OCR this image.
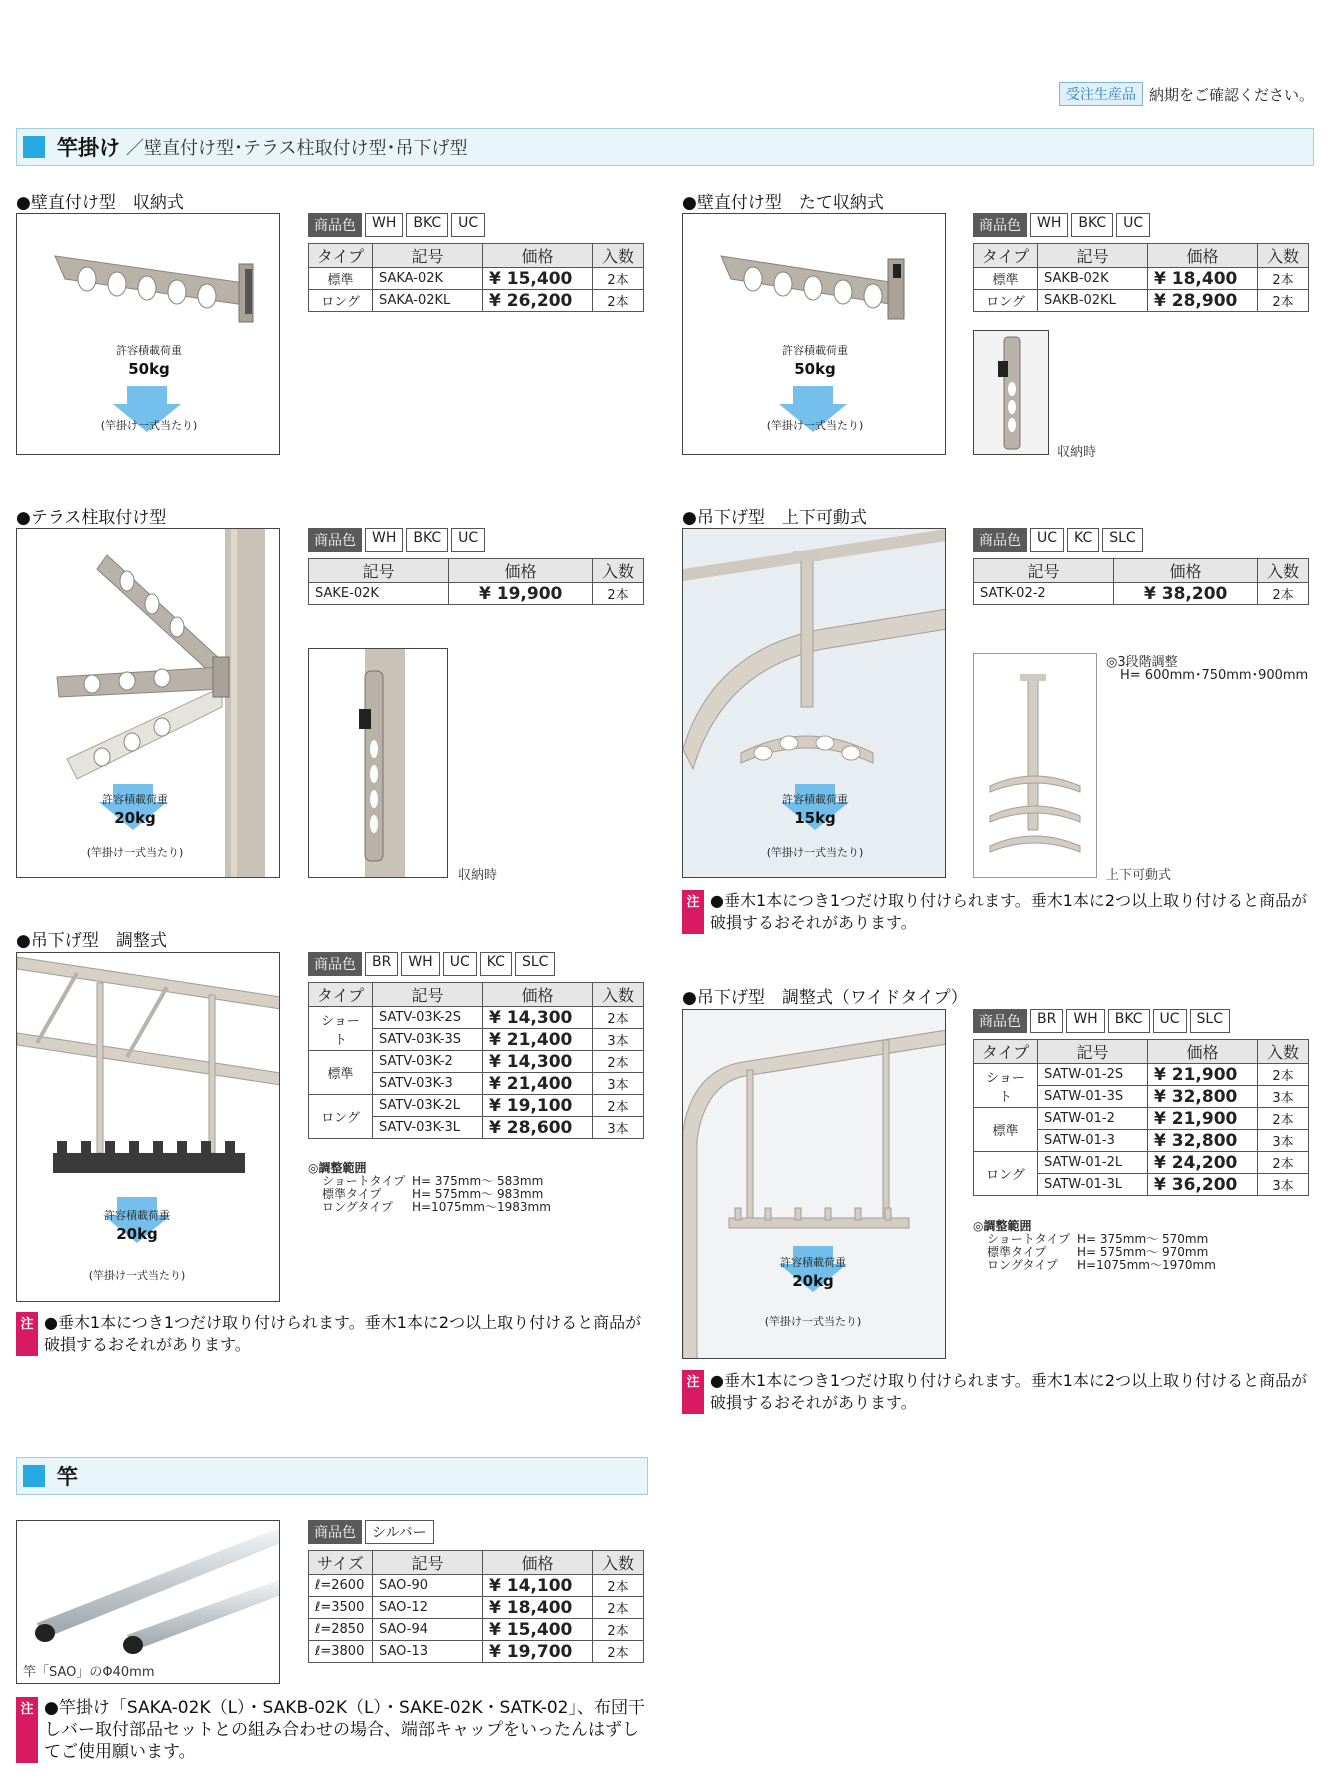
受注生産品 納期をご確認ください。
竿掛け ／壁直付け型･テラス柱取付け型･吊下げ型
●壁直付け型　収納式
許容積載荷重
50kg
(竿掛け一式当たり)
商品色	WH	BKC	UC
タイプ	記号	価格	入数
標準	SAKA-02K	¥ 15,400	2本
ロング	SAKA-02KL	¥ 26,200	2本
●壁直付け型　たて収納式
許容積載荷重
50kg
(竿掛け一式当たり)
商品色	WH	BKC	UC
タイプ	記号	価格	入数
標準	SAKB-02K	¥ 18,400	2本
ロング	SAKB-02KL	¥ 28,900	2本
収納時
●テラス柱取付け型
許容積載荷重
20kg
(竿掛け一式当たり)
商品色	WH	BKC	UC
記号	価格	入数
SAKE-02K	¥ 19,900	2本
収納時
●吊下げ型　上下可動式
許容積載荷重
15kg
(竿掛け一式当たり)
商品色	UC	KC	SLC
記号	価格	入数
SATK-02-2	¥ 38,200	2本
◎3段階調整
H= 600mm･750mm･900mm
上下可動式
注 ●垂木1本につき1つだけ取り付けられます。垂木1本に2つ以上取り付けると商品が破損するおそれがあります。
●吊下げ型　調整式
許容積載荷重
20kg
(竿掛け一式当たり)
商品色	BR	WH	UC	KC	SLC
タイプ	記号	価格	入数
ショート	SATV-03K-2S	¥ 14,300	2本
	SATV-03K-3S	¥ 21,400	3本
標準	SATV-03K-2	¥ 14,300	2本
	SATV-03K-3	¥ 21,400	3本
ロング	SATV-03K-2L	¥ 19,100	2本
	SATV-03K-3L	¥ 28,600	3本
◎調整範囲
ショートタイプ H= 375mm～ 583mm
標準タイプ	H= 575mm～ 983mm
ロングタイプ	H=1075mm～1983mm
注 ●垂木1本につき1つだけ取り付けられます。垂木1本に2つ以上取り付けると商品が破損するおそれがあります。
●吊下げ型　調整式（ワイドタイプ）
許容積載荷重
20kg
(竿掛け一式当たり)
商品色	BR	WH	BKC	UC	SLC
タイプ	記号	価格	入数
ショート	SATW-01-2S	¥ 21,900	2本
	SATW-01-3S	¥ 32,800	3本
標準	SATW-01-2	¥ 21,900	2本
	SATW-01-3	¥ 32,800	3本
ロング	SATW-01-2L	¥ 24,200	2本
	SATW-01-3L	¥ 36,200	3本
◎調整範囲
ショートタイプ H= 375mm～ 570mm
標準タイプ	H= 575mm～ 970mm
ロングタイプ	H=1075mm～1970mm
注 ●垂木1本につき1つだけ取り付けられます。垂木1本に2つ以上取り付けると商品が破損するおそれがあります。
竿
竿「SAO」のΦ40mm
商品色	シルバー
サイズ	記号	価格	入数
ℓ=2600	SAO-90	¥ 14,100	2本
ℓ=3500	SAO-12	¥ 18,400	2本
ℓ=2850	SAO-94	¥ 15,400	2本
ℓ=3800	SAO-13	¥ 19,700	2本
注 ●竿掛け「SAKA-02K（L）・SAKB-02K（L）・SAKE-02K・SATK-02」、布団干しバー取付部品セットとの組み合わせの場合、端部キャップをいったんはずしてご使用願います。
